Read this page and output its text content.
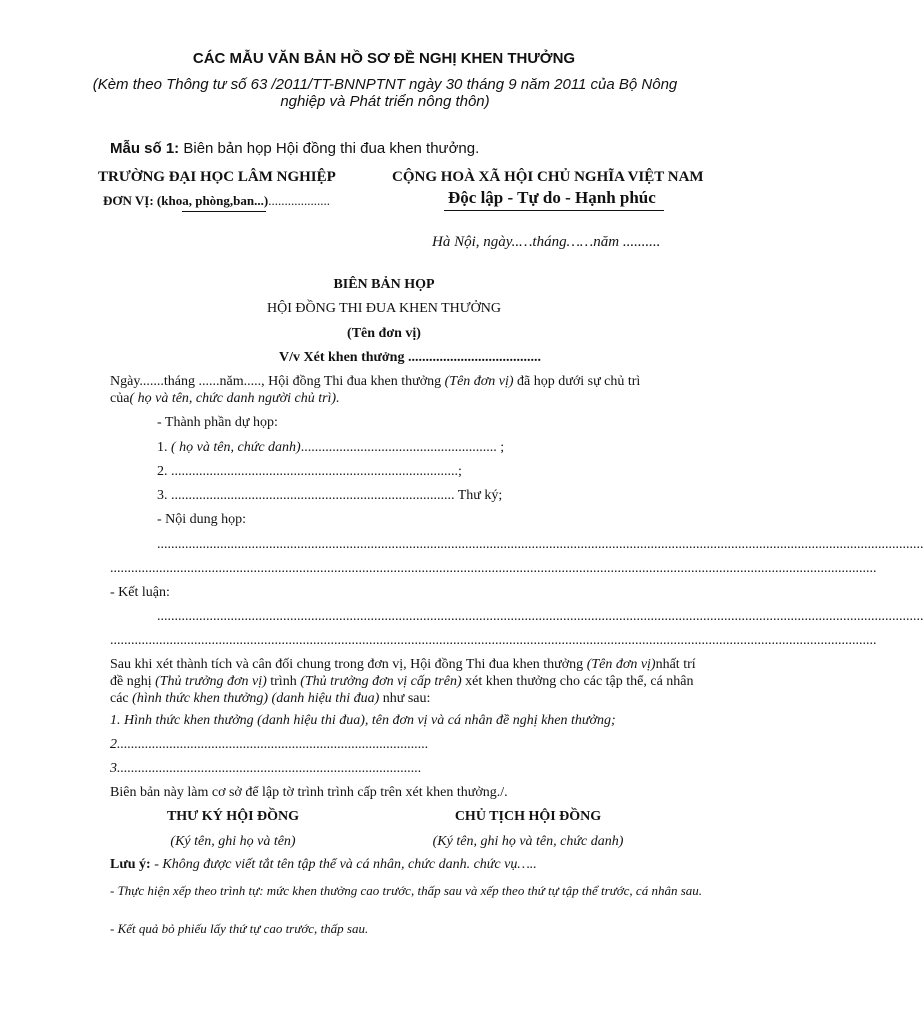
CÁC MẪU VĂN BẢN HỒ SƠ ĐỀ NGHỊ KHEN THƯỞNG
(Kèm theo Thông tư số 63 /2011/TT-BNNPTNT ngày 30 tháng 9 năm 2011 của Bộ Nông nghiệp và Phát triển nông thôn)
Mẫu số 1: Biên bản họp Hội đồng thi đua khen thưởng.
TRƯỜNG ĐẠI HỌC LÂM NGHIỆP
ĐƠN VỊ: (khoa, phòng,ban...)...................
CỘNG HOÀ XÃ HỘI CHỦ NGHĨA VIỆT NAM
Độc lập - Tự do - Hạnh phúc
Hà Nội, ngày..…tháng……năm ..........
BIÊN BẢN HỌP
HỘI ĐỒNG THI ĐUA KHEN THƯỞNG
(Tên đơn vị)
V/v Xét khen thưởng ......................................
Ngày.......tháng ......năm....., Hội đồng Thi đua khen thưởng (Tên đơn vị) đã họp dưới sự chủ trì
của( họ và tên, chức danh người chủ trì).
- Thành phần dự họp:
1. ( họ và tên, chức danh)........................................................ ;
2. ..................................................................................;
3. ................................................................................. Thư ký;
- Nội dung họp:
...........................................................................................................................................................................................................................
...........................................................................................................................................................................................................................
- Kết luận:
...........................................................................................................................................................................................................................
...........................................................................................................................................................................................................................
Sau khi xét thành tích và cân đối chung trong đơn vị, Hội đồng Thi đua khen thưởng (Tên đơn vị)nhất trí đề nghị (Thủ trưởng đơn vị) trình (Thủ trưởng đơn vị cấp trên) xét khen thưởng cho các tập thể, cá nhân các (hình thức khen thưởng) (danh hiệu thi đua) như sau:
1. Hình thức khen thưởng (danh hiệu thi đua), tên đơn vị và cá nhân đề nghị khen thưởng;
2.........................................................................................
3.......................................................................................
Biên bản này làm cơ sở để lập tờ trình trình cấp trên xét khen thưởng./.
THƯ KÝ HỘI ĐỒNG
(Ký tên, ghi họ và tên)
CHỦ TỊCH HỘI ĐỒNG
(Ký tên, ghi họ và tên, chức danh)
Lưu ý: - Không được viết tắt tên tập thể và cá nhân, chức danh. chức vụ…..
- Thực hiện xếp theo trình tự: mức khen thưởng cao trước, thấp sau và xếp theo thứ tự tập thể trước, cá nhân sau.
- Kết quả bỏ phiếu lấy thứ tự cao trước, thấp sau.
